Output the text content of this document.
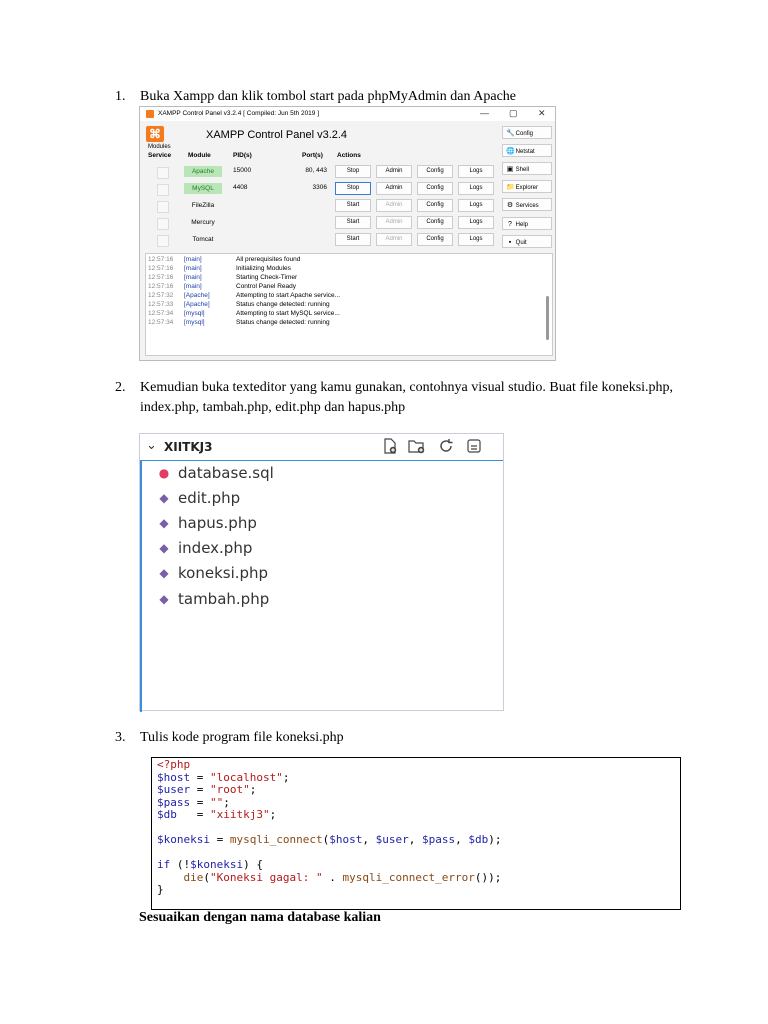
1. Buka Xampp dan klik tombol start pada phpMyAdmin dan Apache
XAMPP Control Panel v3.2.4 [ Compiled: Jun 5th 2019 ]	— ▢ ✕
⌘	XAMPP Control Panel v3.2.4
Modules
Service	Module	PID(s)	Port(s) Actions
Apache	15000	80, 443	Stop	Admin	Config	Logs
MySQL	4408	3306	Stop	Admin	Config	Logs
FileZilla	Start	Admin	Config	Logs
Mercury	Start	Admin	Config	Logs
Tomcat	Start	Admin	Config	Logs
🔧 Config
🌐 Netstat
▣ Shell
📁 Explorer
⚙ Services
? Help
▪ Quit
12:57:16 [main]	All prerequisites found
12:57:16 [main]	Initializing Modules
12:57:16 [main]	Starting Check-Timer
12:57:16 [main]	Control Panel Ready
12:57:32 [Apache]	Attempting to start Apache service...
12:57:33 [Apache]	Status change detected: running
12:57:34 [mysql]	Attempting to start MySQL service...
12:57:34 [mysql]	Status change detected: running
2. Kemudian buka texteditor yang kamu gunakan, contohnya visual studio. Buat file koneksi.php, index.php, tambah.php, edit.php dan hapus.php
⌄ XIITKJ3
● database.sql
◆ edit.php
◆ hapus.php
◆ index.php
◆ koneksi.php
◆ tambah.php
3. Tulis kode program file koneksi.php
<?php
$host = "localhost";
$user = "root";
$pass = "";
$db   = "xiitkj3";

$koneksi = mysqli_connect($host, $user, $pass, $db);

if (!$koneksi) {
die("Koneksi gagal: " . mysqli_connect_error());
}
Sesuaikan dengan nama database kalian
